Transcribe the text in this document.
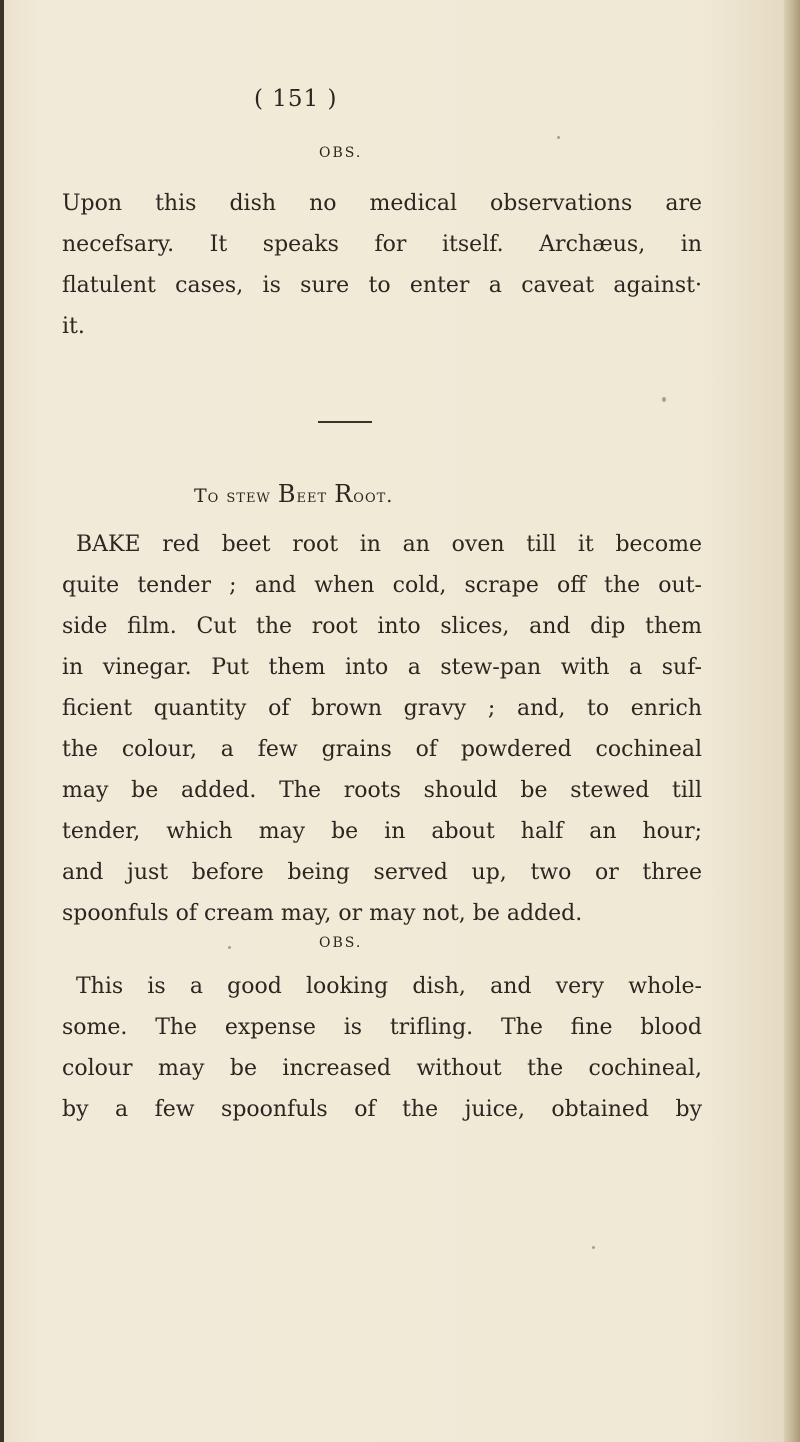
( 151 )
OBS.
Upon this dish no medical observations are
necefsary. It speaks for itself. Archæus, in
flatulent cases, is sure to enter a caveat against·
it.
To stew Beet Root.
BAKE red beet root in an oven till it become
quite tender ; and when cold, scrape off the out-
side film. Cut the root into slices, and dip them
in vinegar. Put them into a stew-pan with a suf-
ficient quantity of brown gravy ; and, to enrich
the colour, a few grains of powdered cochineal
may be added. The roots should be stewed till
tender, which may be in about half an hour;
and just before being served up, two or three
spoonfuls of cream may, or may not, be added.
OBS.
This is a good looking dish, and very whole-
some. The expense is trifling. The fine blood
colour may be increased without the cochineal,
by a few spoonfuls of the juice, obtained by
